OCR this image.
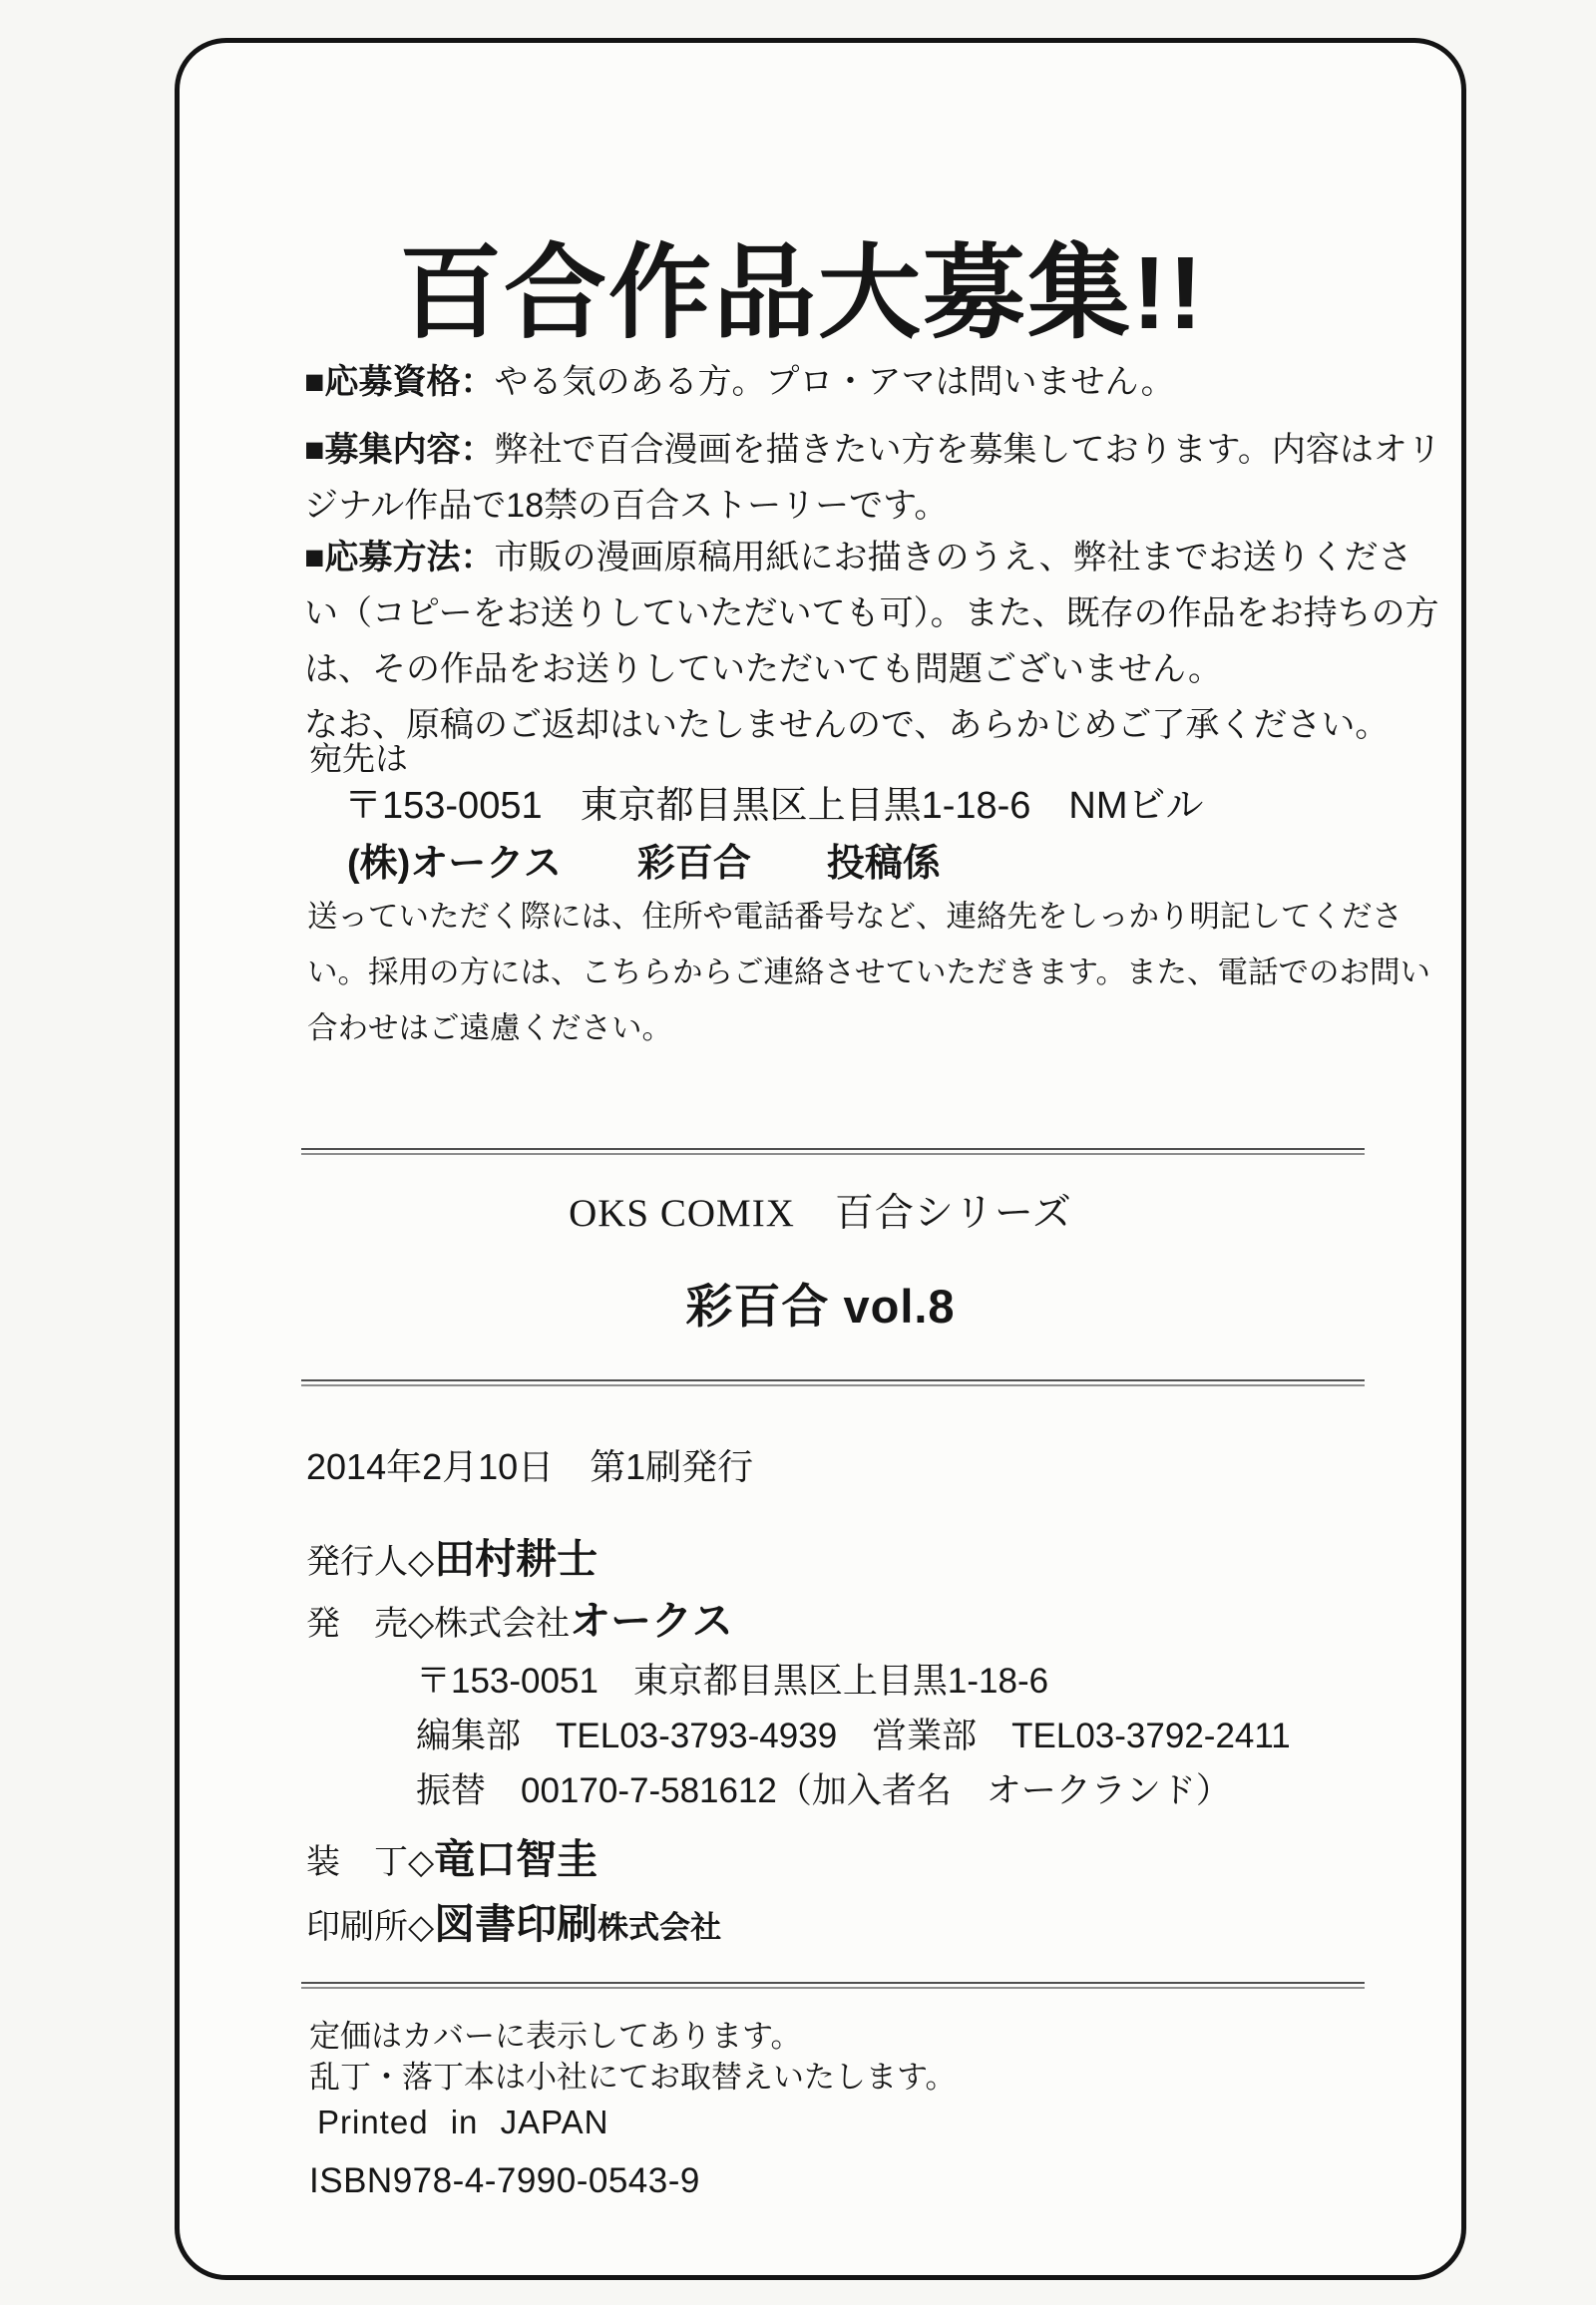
百合作品大募集!!

■応募資格：やる気のある方。プロ・アマは問いません。

■募集内容：弊社で百合漫画を描きたい方を募集しております。内容はオリジナル作品で18禁の百合ストーリーです。

■応募方法：市販の漫画原稿用紙にお描きのうえ、弊社までお送りください（コピーをお送りしていただいても可）。また、既存の作品をお持ちの方は、その作品をお送りしていただいても問題ございません。
なお、原稿のご返却はいたしませんので、あらかじめご了承ください。

宛先は
〒153-0051　東京都目黒区上目黒1-18-6　NMビル
(株)オークス　　彩百合　　投稿係
送っていただく際には、住所や電話番号など、連絡先をしっかり明記してください。採用の方には、こちらからご連絡させていただきます。また、電話でのお問い合わせはご遠慮ください。
OKS COMIX　百合シリーズ
彩百合 vol.8
2014年2月10日　第1刷発行
発行人◇田村耕士
発　売◇株式会社オークス
〒153-0051　東京都目黒区上目黒1-18-6
編集部　TEL03-3793-4939　営業部　TEL03-3792-2411
振替　00170-7-581612（加入者名　オークランド）
装　丁◇竜口智圭
印刷所◇図書印刷株式会社
定価はカバーに表示してあります。
乱丁・落丁本は小社にてお取替えいたします。
Printed in JAPAN
ISBN978-4-7990-0543-9
